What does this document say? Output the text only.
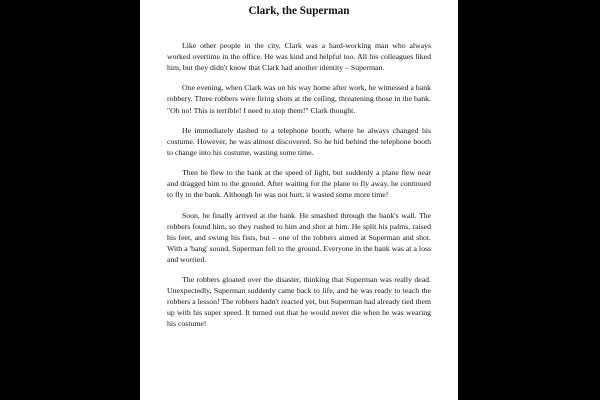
Clark, the Superman

Like other people in the city, Clark was a hard-working man who always worked overtime in the office. He was kind and helpful too. All his colleagues liked him, but they didn't know that Clark had another identity – Superman.

One evening, when Clark was on his way home after work, he witnessed a bank robbery. Three robbers were firing shots at the ceiling, threatening those in the bank. "Oh no! This is terrible! I need to stop them!" Clark thought.

He immediately dashed to a telephone booth, where he always changed his costume. However, he was almost discovered. So he hid behind the telephone booth to change into his costume, wasting some time.

Then he flew to the bank at the speed of light, but suddenly a plane flew near and dragged him to the ground. After waiting for the plane to fly away, he continued to fly to the bank. Although he was not hurt, it wasted some more time!

Soon, he finally arrived at the bank. He smashed through the bank's wall. The robbers found him, so they rushed to him and shot at him. He split his palms, raised his feet, and swung his fists, but – one of the robbers aimed at Superman and shot. With a 'bang' sound, Superman fell to the ground. Everyone in the bank was at a loss and worried.

The robbers gloated over the disaster, thinking that Superman was really dead. Unexpectedly, Superman suddenly came back to life, and he was ready to teach the robbers a lesson! The robbers hadn't reacted yet, but Superman had already tied them up with his super speed. It turned out that he would never die when he was wearing his costume!
